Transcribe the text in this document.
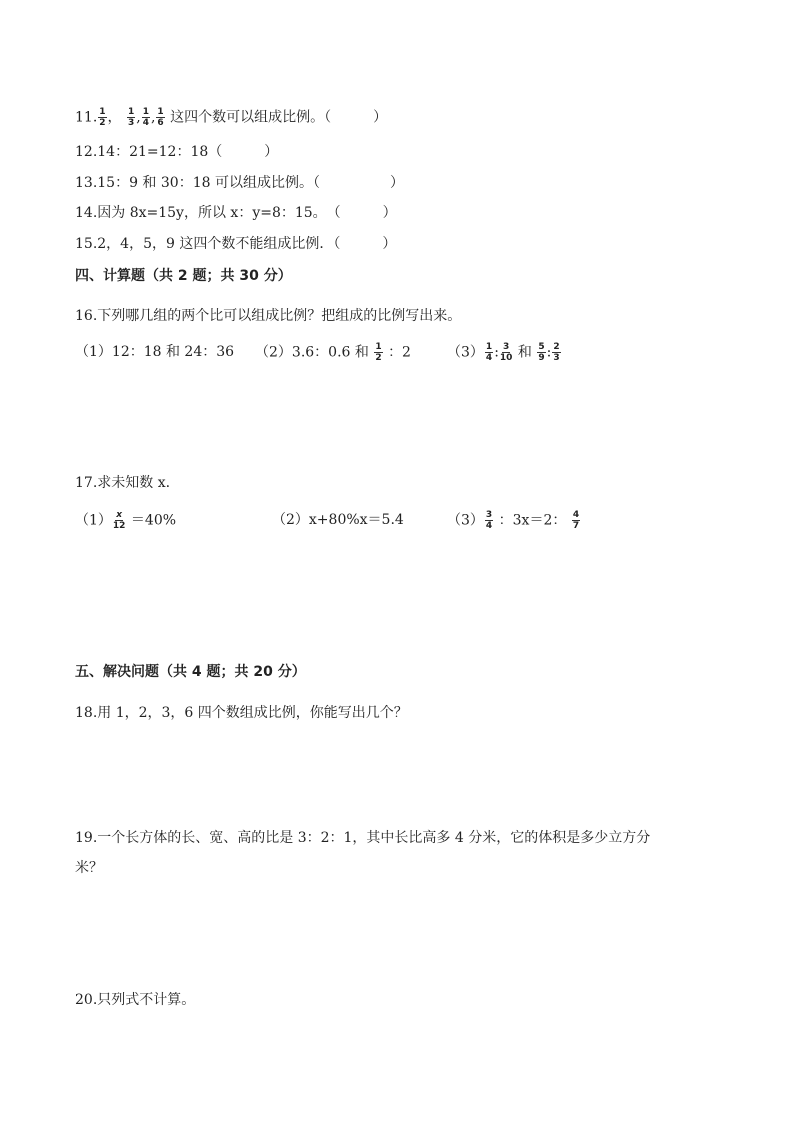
11. $\frac{1}{2}$ ， $\frac{1}{3}$ , $\frac{1}{4}$ , $\frac{1}{6}$ 这四个数可以组成比例。（　　　）
12.14：21=12：18（　　　）
13.15：9 和 30：18 可以组成比例。（　　　　　）
14.因为 8x=15y，所以 x：y=8：15。　（　　　）
15.2，4，5，9 这四个数不能组成比例．（　　　）
四、计算题（共 2 题；共 30 分）
16.下列哪几组的两个比可以组成比例？把组成的比例写出来。
（1）12：18 和 24：36 （2）3.6：0.6 和 $\frac{1}{2}$ ：2	$(3) \frac{1}{4}$ : $\frac{3}{10}$ 和 $\frac{5}{9}$ : $\frac{2}{3}$
17.求未知数 x.
$(1) \frac{x}{12} =40\%$	（2）x+80%x＝5.4	$(3) \frac{3}{4}$ ：3x＝2： $\frac{4}{7}$
五、解决问题（共 4 题；共 20 分）
18.用 1，2，3，6 四个数组成比例，你能写出几个？
19.一个长方体的长、宽、高的比是 3：2：1，其中长比高多 4 分米，它的体积是多少立方分
米？
20.只列式不计算。
